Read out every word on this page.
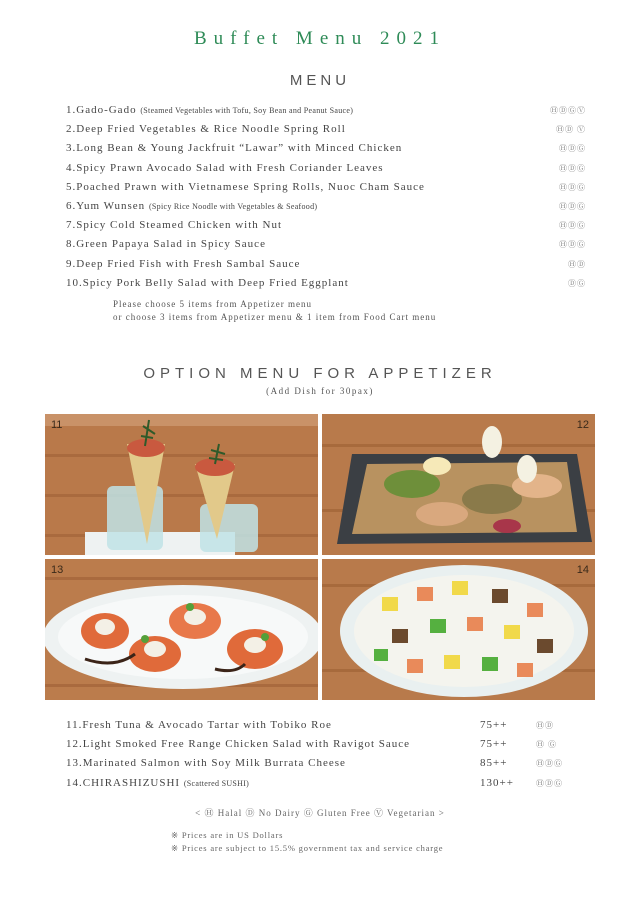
Buffet Menu 2021
MENU
1.Gado-Gado (Steamed Vegetables with Tofu, Soy Bean and Peanut Sauce)	ⒽⒹⒼⓋ
2.Deep Fried Vegetables & Rice Noodle Spring Roll	ⒽⒹ Ⓥ
3.Long Bean & Young Jackfruit “Lawar” with Minced Chicken	ⒽⒹⒼ
4.Spicy Prawn Avocado Salad with Fresh Coriander Leaves	ⒽⒹⒼ
5.Poached Prawn with Vietnamese Spring Rolls, Nuoc Cham Sauce	ⒽⒹⒼ
6.Yum Wunsen (Spicy Rice Noodle with Vegetables & Seafood)	ⒽⒹⒼ
7.Spicy Cold Steamed Chicken with Nut	ⒽⒹⒼ
8.Green Papaya Salad in Spicy Sauce	ⒽⒹⒼ
9.Deep Fried Fish with Fresh Sambal Sauce	ⒽⒹ
10.Spicy Pork Belly Salad with Deep Fried Eggplant	ⒹⒼ
Please choose 5 items from Appetizer menu
or choose 3 items from Appetizer menu & 1 item from Food Cart menu
OPTION MENU FOR APPETIZER
(Add Dish for 30pax)
11	12
13	14
11.Fresh Tuna & Avocado Tartar with Tobiko Roe	75++	ⒽⒹ
12.Light Smoked Free Range Chicken Salad with Ravigot Sauce	75++	Ⓗ Ⓖ
13.Marinated Salmon with Soy Milk Burrata Cheese	85++	ⒽⒹⒼ
14.CHIRASHIZUSHI (Scattered SUSHI)	130++	ⒽⒹⒼ
< Ⓗ Halal Ⓓ No Dairy Ⓖ Gluten Free Ⓥ Vegetarian >
※ Prices are in US Dollars
※ Prices are subject to 15.5% government tax and service charge
